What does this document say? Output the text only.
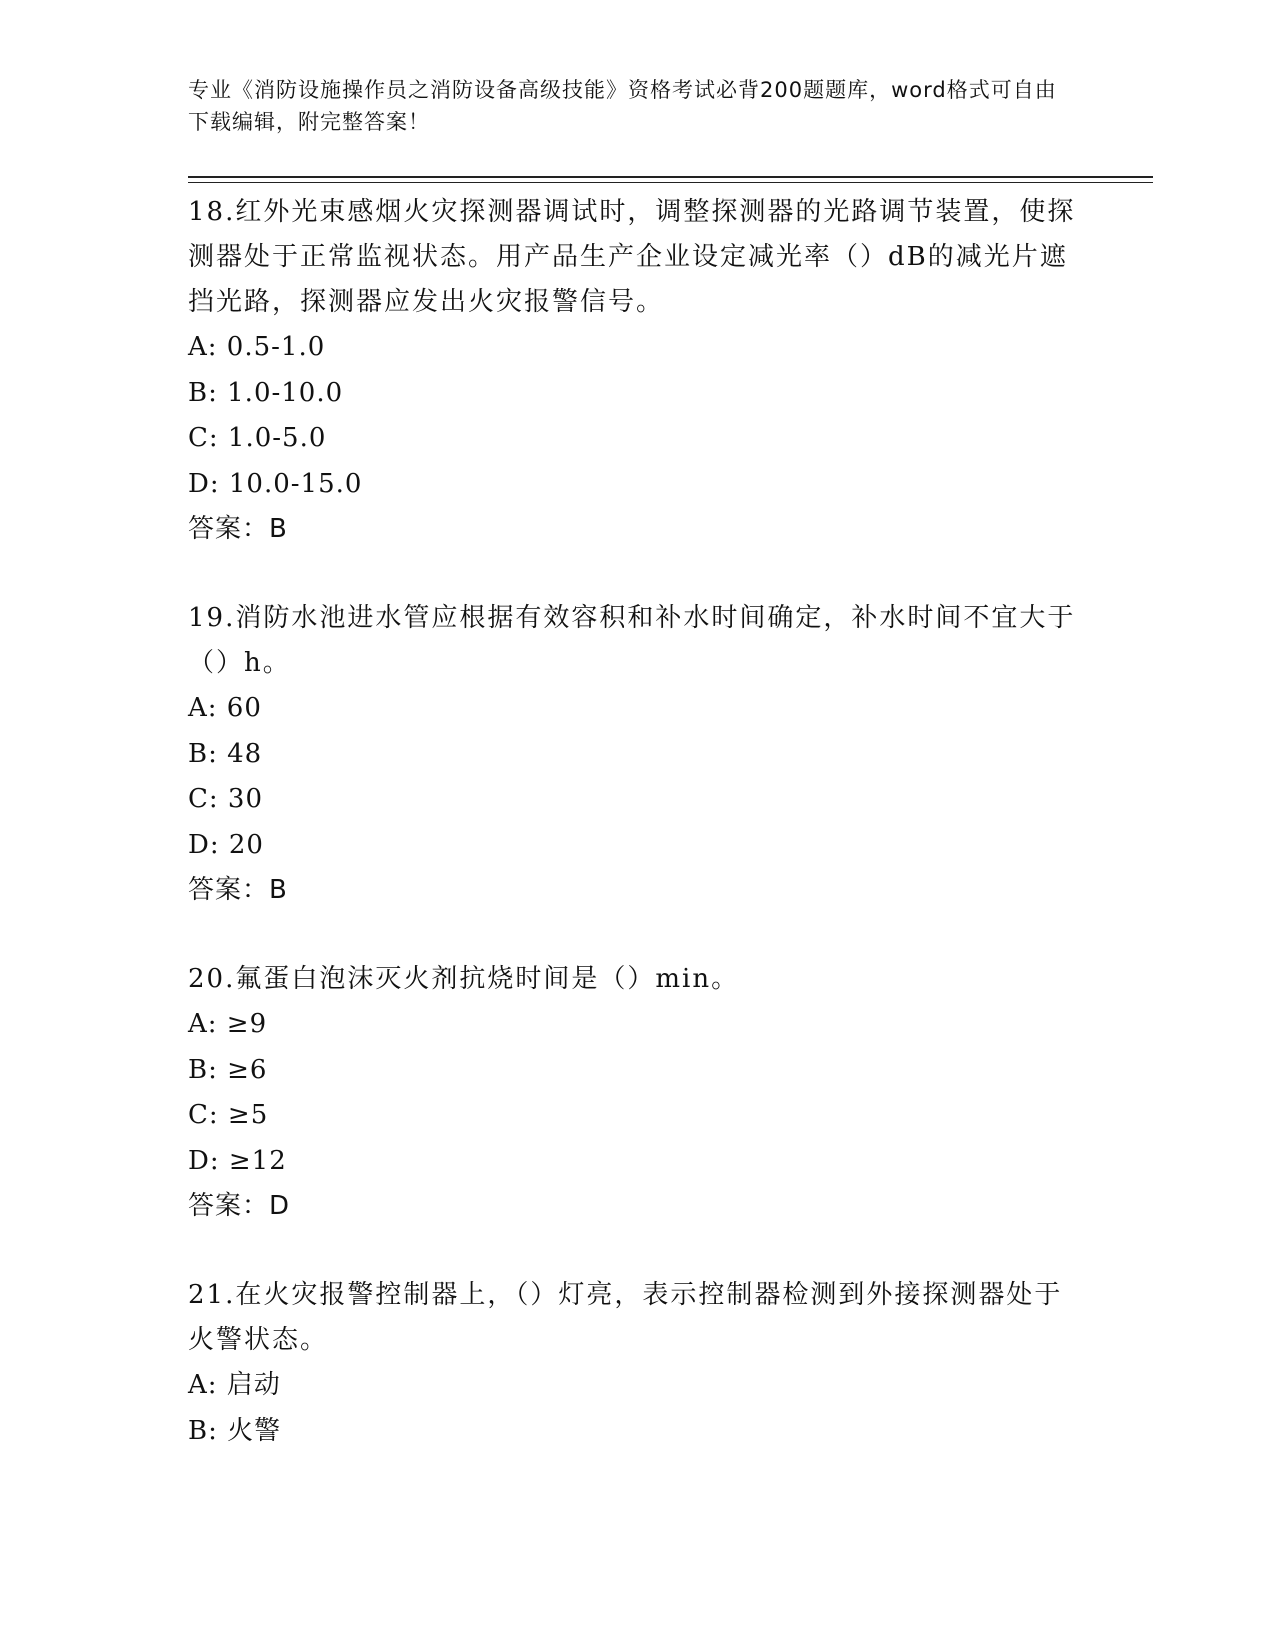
专业《消防设施操作员之消防设备高级技能》资格考试必背200题题库，word格式可自由下载编辑，附完整答案！

18.红外光束感烟火灾探测器调试时，调整探测器的光路调节装置，使探测器处于正常监视状态。用产品生产企业设定减光率（）dB的减光片遮挡光路，探测器应发出火灾报警信号。

A: 0.5-1.0

B: 1.0-10.0

C: 1.0-5.0

D: 10.0-15.0

答案：B

19.消防水池进水管应根据有效容积和补水时间确定，补水时间不宜大于（）h。

A: 60

B: 48

C: 30

D: 20

答案：B

20.氟蛋白泡沫灭火剂抗烧时间是（）min。

A: ≥9

B: ≥6

C: ≥5

D: ≥12

答案：D

21.在火灾报警控制器上，（）灯亮，表示控制器检测到外接探测器处于火警状态。

A: 启动

B: 火警
